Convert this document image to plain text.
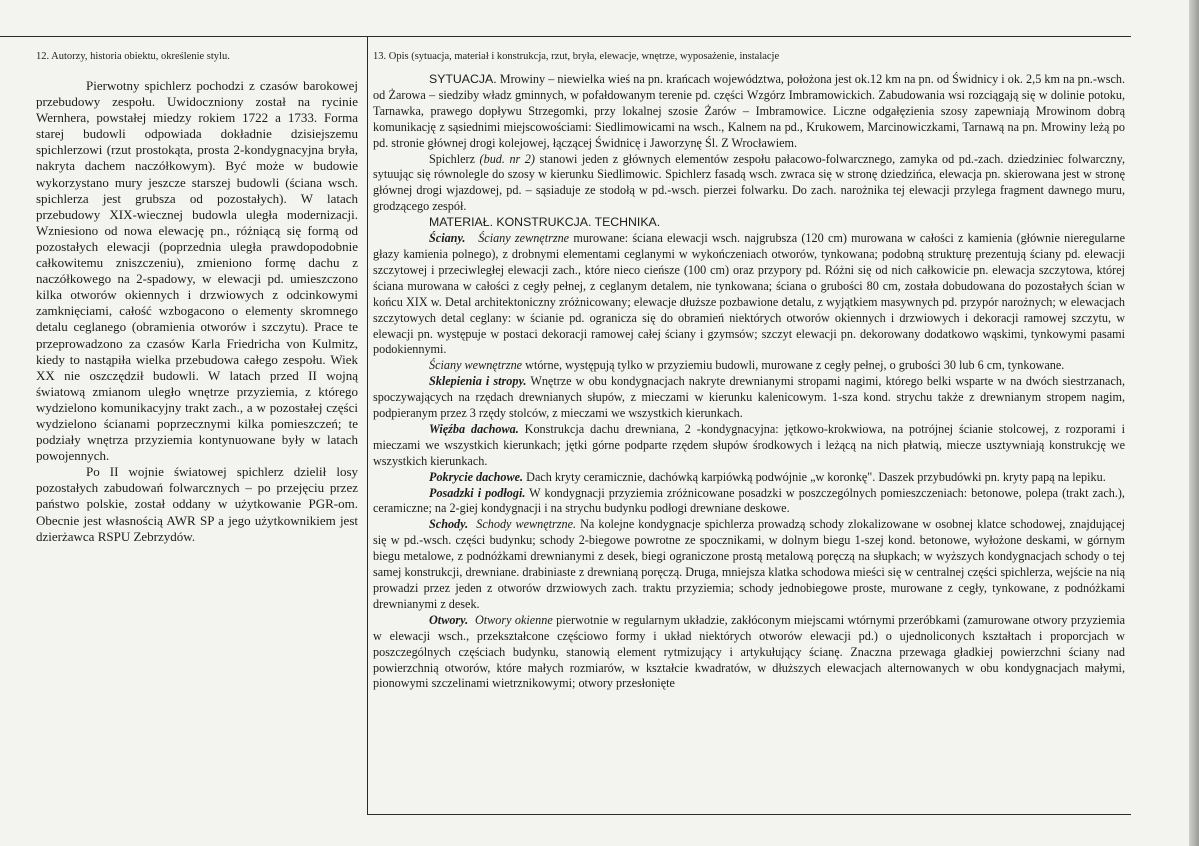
12. Autorzy, historia obiektu, określenie stylu.

Pierwotny spichlerz pochodzi z czasów barokowej przebudowy zespołu. Uwidoczniony został na rycinie Wernhera, powstałej miedzy rokiem 1722 a 1733. Forma starej budowli odpowiada dokładnie dzisiejszemu spichlerzowi (rzut prostokąta, prosta 2-kondygnacyjna bryła, nakryta dachem naczółkowym). Być może w budowie wykorzystano mury jeszcze starszej budowli (ściana wsch. spichlerza jest grubsza od pozostałych). W latach przebudowy XIX-wiecznej budowla uległa modernizacji. Wzniesiono od nowa elewację pn., różniącą się formą od pozostałych elewacji (poprzednia uległa prawdopodobnie całkowitemu zniszczeniu), zmieniono formę dachu z naczółkowego na 2-spadowy, w elewacji pd. umieszczono kilka otworów okiennych i drzwiowych z odcinkowymi zamknięciami, całość wzbogacono o elementy skromnego detalu ceglanego (obramienia otworów i szczytu). Prace te przeprowadzono za czasów Karla Friedricha von Kulmitz, kiedy to nastąpiła wielka przebudowa całego zespołu. Wiek XX nie oszczędził budowli. W latach przed II wojną światową zmianom uległo wnętrze przyziemia, z którego wydzielono komunikacyjny trakt zach., a w pozostałej części wydzielono ścianami poprzecznymi kilka pomieszczeń; te podziały wnętrza przyziemia kontynuowane były w latach powojennych.

Po II wojnie światowej spichlerz dzielił losy pozostałych zabudowań folwarcznych – po przejęciu przez państwo polskie, został oddany w użytkowanie PGR-om. Obecnie jest własnością AWR SP a jego użytkownikiem jest dzierżawca RSPU Zebrzydów.

13. Opis (sytuacja, materiał i konstrukcja, rzut, bryła, elewacje, wnętrze, wyposażenie, instalacje

SYTUACJA. Mrowiny – niewielka wieś na pn. krańcach województwa, położona jest ok.12 km na pn. od Świdnicy i ok. 2,5 km na pn.-wsch. od Żarowa – siedziby władz gminnych, w pofałdowanym terenie pd. części Wzgórz Imbramowickich. Zabudowania wsi rozciągają się w dolinie potoku, Tarnawka, prawego dopływu Strzegomki, przy lokalnej szosie Żarów – Imbramowice. Liczne odgałęzienia szosy zapewniają Mrowinom dobrą komunikację z sąsiednimi miejscowościami: Siedlimowicami na wsch., Kalnem na pd., Krukowem, Marcinowiczkami, Tarnawą na pn. Mrowiny leżą po pd. stronie głównej drogi kolejowej, łączącej Świdnicę i Jaworzynę Śl. Z Wrocławiem.

Spichlerz (bud. nr 2) stanowi jeden z głównych elementów zespołu pałacowo-folwarcznego, zamyka od pd.-zach. dziedziniec folwarczny, sytuując się równolegle do szosy w kierunku Siedlimowic. Spichlerz fasadą wsch. zwraca się w stronę dziedzińca, elewacja pn. skierowana jest w stronę głównej drogi wjazdowej, pd. – sąsiaduje ze stodołą w pd.-wsch. pierzei folwarku. Do zach. narożnika tej elewacji przylega fragment dawnego muru, grodzącego zespół.

MATERIAŁ. KONSTRUKCJA. TECHNIKA.

Ściany. Ściany zewnętrzne murowane: ściana elewacji wsch. najgrubsza (120 cm) murowana w całości z kamienia (głównie nieregularne głazy kamienia polnego), z drobnymi elementami ceglanymi w wykończeniach otworów, tynkowana; podobną strukturę prezentują ściany pd. elewacji szczytowej i przeciwległej elewacji zach., które nieco cieńsze (100 cm) oraz przypory pd. Różni się od nich całkowicie pn. elewacja szczytowa, której ściana murowana w całości z cegły pełnej, z ceglanym detalem, nie tynkowana; ściana o grubości 80 cm, została dobudowana do pozostałych ścian w końcu XIX w. Detal architektoniczny zróżnicowany; elewacje dłuższe pozbawione detalu, z wyjątkiem masywnych pd. przypór narożnych; w elewacjach szczytowych detal ceglany: w ścianie pd. ogranicza się do obramień niektórych otworów okiennych i drzwiowych i dekoracji ramowej szczytu, w elewacji pn. występuje w postaci dekoracji ramowej całej ściany i gzymsów; szczyt elewacji pn. dekorowany dodatkowo wąskimi, tynkowymi pasami podokiennymi.

Ściany wewnętrzne wtórne, występują tylko w przyziemiu budowli, murowane z cegły pełnej, o grubości 30 lub 6 cm, tynkowane.

Sklepienia i stropy. Wnętrze w obu kondygnacjach nakryte drewnianymi stropami nagimi, którego belki wsparte w na dwóch siestrzanach, spoczywających na rzędach drewnianych słupów, z mieczami w kierunku kalenicowym. 1-sza kond. strychu także z drewnianym stropem nagim, podpieranym przez 3 rzędy stolców, z mieczami we wszystkich kierunkach.

Więźba dachowa. Konstrukcja dachu drewniana, 2 -kondygnacyjna: jętkowo-krokwiowa, na potrójnej ścianie stolcowej, z rozporami i mieczami we wszystkich kierunkach; jętki górne podparte rzędem słupów środkowych i leżącą na nich płatwią, miecze usztywniają konstrukcję we wszystkich kierunkach.

Pokrycie dachowe. Dach kryty ceramicznie, dachówką karpiówką podwójnie „w koronkę". Daszek przybudówki pn. kryty papą na lepiku.

Posadzki i podłogi. W kondygnacji przyziemia zróżnicowane posadzki w poszczególnych pomieszczeniach: betonowe, polepa (trakt zach.), ceramiczne; na 2-giej kondygnacji i na strychu budynku podłogi drewniane deskowe.

Schody. Schody wewnętrzne. Na kolejne kondygnacje spichlerza prowadzą schody zlokalizowane w osobnej klatce schodowej, znajdującej się w pd.-wsch. części budynku; schody 2-biegowe powrotne ze spocznikami, w dolnym biegu 1-szej kond. betonowe, wyłożone deskami, w górnym biegu metalowe, z podnóżkami drewnianymi z desek, biegi ograniczone prostą metalową poręczą na słupkach; w wyższych kondygnacjach schody o tej samej konstrukcji, drewniane. drabiniaste z drewnianą poręczą. Druga, mniejsza klatka schodowa mieści się w centralnej części spichlerza, wejście na nią prowadzi przez jeden z otworów drzwiowych zach. traktu przyziemia; schody jednobiegowe proste, murowane z cegły, tynkowane, z podnóżkami drewnianymi z desek.

Otwory. Otwory okienne pierwotnie w regularnym układzie, zakłóconym miejscami wtórnymi przeróbkami (zamurowane otwory przyziemia w elewacji wsch., przekształcone częściowo formy i układ niektórych otworów elewacji pd.) o ujednoliconych kształtach i proporcjach w poszczególnych częściach budynku, stanowią element rytmizujący i artykułujący ścianę. Znaczna przewaga gładkiej powierzchni ściany nad powierzchnią otworów, które małych rozmiarów, w kształcie kwadratów, w dłuższych elewacjach alternowanych w obu kondygnacjach małymi, pionowymi szczelinami wietrznikowymi; otwory przesłonięte
